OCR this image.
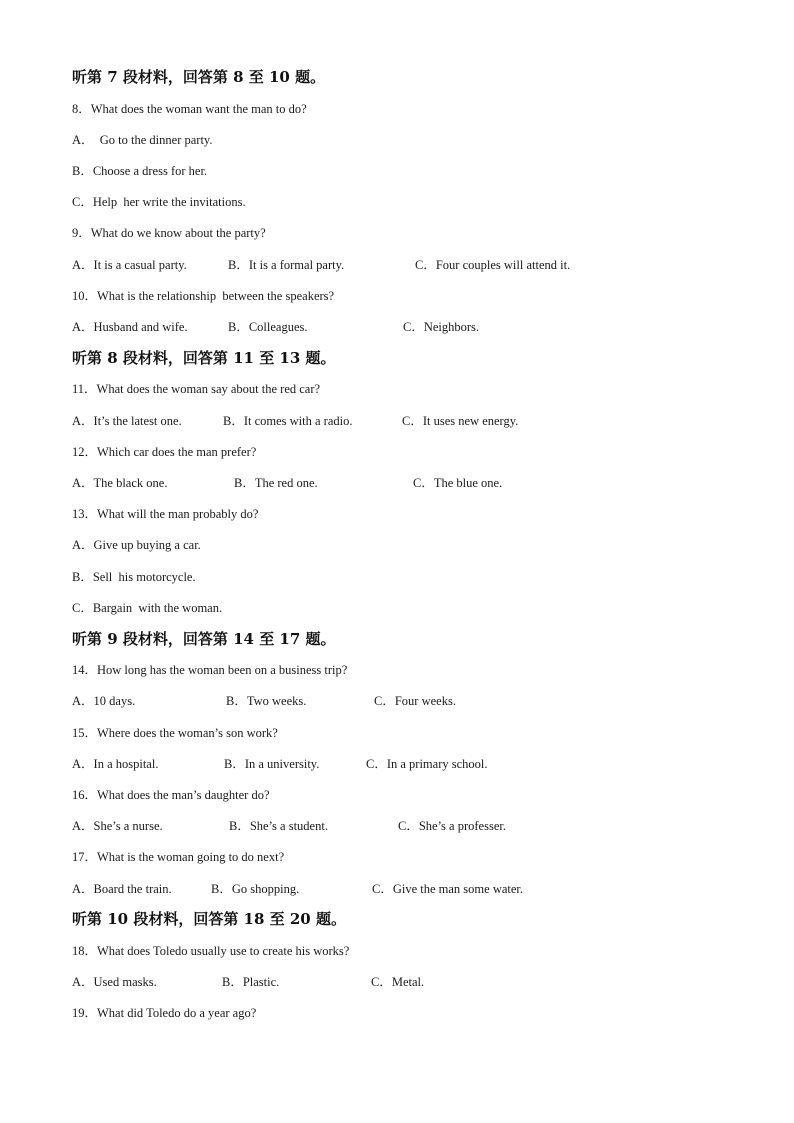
听第 7 段材料，回答第 8 至 10 题。
8．What does the woman want the man to do?
A．  Go to the dinner party.
B．Choose a dress for her.
C．Help  her write the invitations.
9．What do we know about the party?

A．It is a casual party.

	B．It is a formal party.

	C．Four couples will attend it.

10．What is the relationship  between the speakers?

A．Husband and wife.

	B．Colleagues.

	C．Neighbors.

听第 8 段材料，回答第 11 至 13 题。
11．What does the woman say about the red car?

A．It’s the latest one.

	B．It comes with a radio.

	C．It uses new energy.

12．Which car does the man prefer?

A．The black one.

	B．The red one.

	C．The blue one.

13．What will the man probably do?
A．Give up buying a car.
B．Sell  his motorcycle.
C．Bargain  with the woman.
听第 9 段材料，回答第 14 至 17 题。
14．How long has the woman been on a business trip?

A．10 days.

	B．Two weeks.

	C．Four weeks.

15．Where does the woman’s son work?

A．In a hospital.

	B．In a university.

	C．In a primary school.

16．What does the man’s daughter do?

A．She’s a nurse.

	B．She’s a student.

	C．She’s a professer.

17．What is the woman going to do next?

A．Board the train.

	B．Go shopping.

	C．Give the man some water.

听第 10 段材料，回答第 18 至 20 题。
18．What does Toledo usually use to create his works?

A．Used masks.

	B．Plastic.

	C．Metal.

19．What did Toledo do a year ago?
